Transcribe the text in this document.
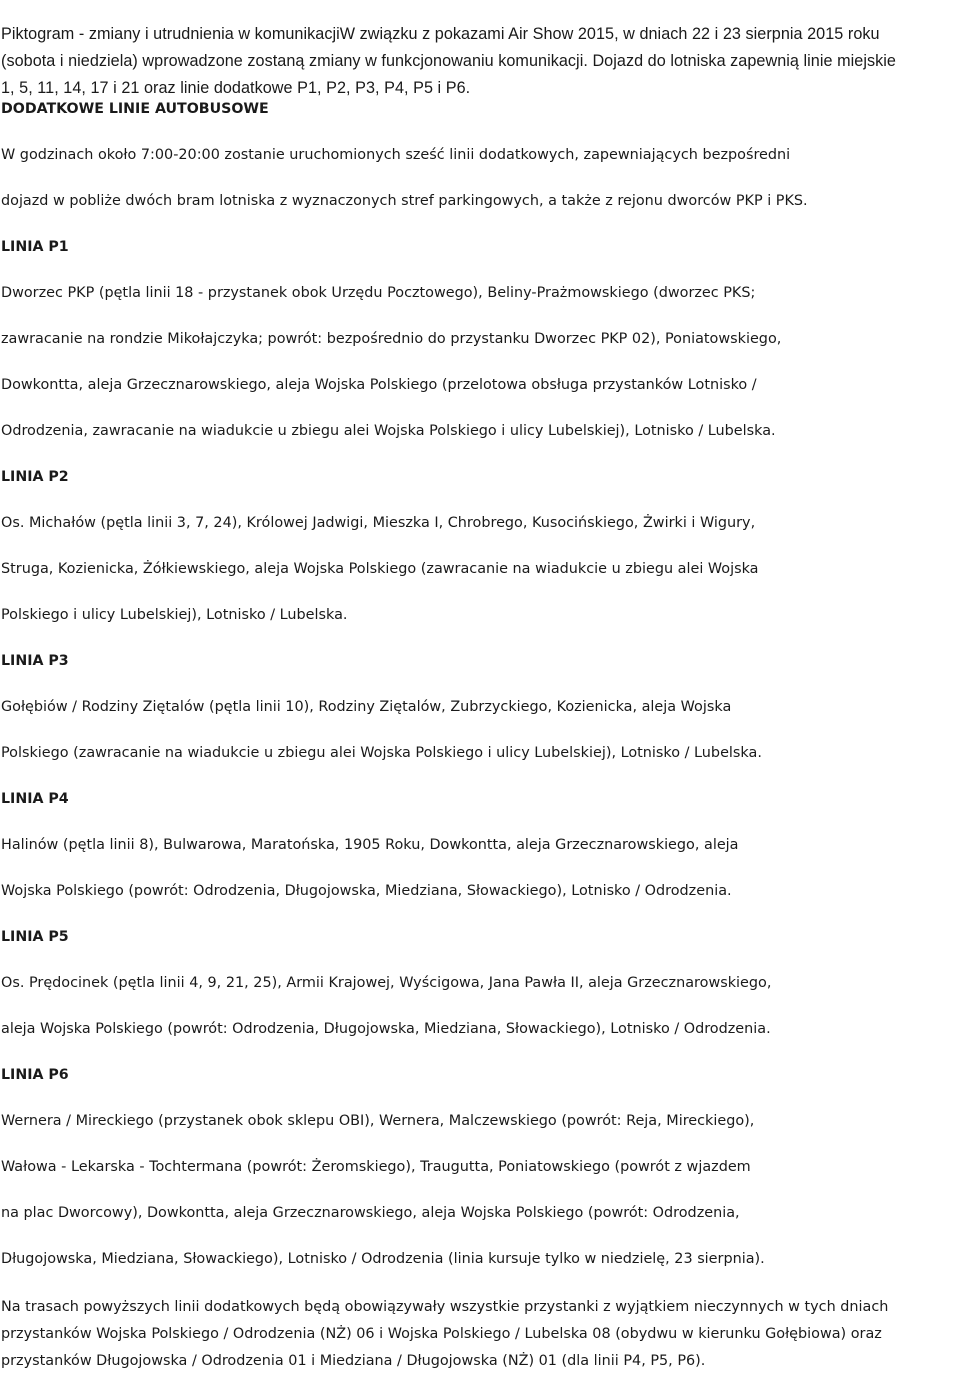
Piktogram - zmiany i utrudnienia w komunikacjiW związku z pokazami Air Show 2015, w dniach 22 i 23 sierpnia 2015 roku
(sobota i niedziela) wprowadzone zostaną zmiany w funkcjonowaniu komunikacji. Dojazd do lotniska zapewnią linie miejskie
1, 5, 11, 14, 17 i 21 oraz linie dodatkowe P1, P2, P3, P4, P5 i P6.
DODATKOWE LINIE AUTOBUSOWE

W godzinach około 7:00-20:00 zostanie uruchomionych sześć linii dodatkowych, zapewniających bezpośredni

dojazd w pobliże dwóch bram lotniska z wyznaczonych stref parkingowych, a także z rejonu dworców PKP i PKS.

LINIA P1

Dworzec PKP (pętla linii 18 - przystanek obok Urzędu Pocztowego), Beliny-Prażmowskiego (dworzec PKS;

zawracanie na rondzie Mikołajczyka; powrót: bezpośrednio do przystanku Dworzec PKP 02), Poniatowskiego,

Dowkontta, aleja Grzecznarowskiego, aleja Wojska Polskiego (przelotowa obsługa przystanków Lotnisko /

Odrodzenia, zawracanie na wiadukcie u zbiegu alei Wojska Polskiego i ulicy Lubelskiej), Lotnisko / Lubelska.

LINIA P2

Os. Michałów (pętla linii 3, 7, 24), Królowej Jadwigi, Mieszka I, Chrobrego, Kusocińskiego, Żwirki i Wigury,

Struga, Kozienicka, Żółkiewskiego, aleja Wojska Polskiego (zawracanie na wiadukcie u zbiegu alei Wojska

Polskiego i ulicy Lubelskiej), Lotnisko / Lubelska.

LINIA P3

Gołębiów / Rodziny Ziętalów (pętla linii 10), Rodziny Ziętalów, Zubrzyckiego, Kozienicka, aleja Wojska

Polskiego (zawracanie na wiadukcie u zbiegu alei Wojska Polskiego i ulicy Lubelskiej), Lotnisko / Lubelska.

LINIA P4

Halinów (pętla linii 8), Bulwarowa, Maratońska, 1905 Roku, Dowkontta, aleja Grzecznarowskiego, aleja

Wojska Polskiego (powrót: Odrodzenia, Długojowska, Miedziana, Słowackiego), Lotnisko / Odrodzenia.

LINIA P5

Os. Prędocinek (pętla linii 4, 9, 21, 25), Armii Krajowej, Wyścigowa, Jana Pawła II, aleja Grzecznarowskiego,

aleja Wojska Polskiego (powrót: Odrodzenia, Długojowska, Miedziana, Słowackiego), Lotnisko / Odrodzenia.

LINIA P6

Wernera / Mireckiego (przystanek obok sklepu OBI), Wernera, Malczewskiego (powrót: Reja, Mireckiego),

Wałowa - Lekarska - Tochtermana (powrót: Żeromskiego), Traugutta, Poniatowskiego (powrót z wjazdem

na plac Dworcowy), Dowkontta, aleja Grzecznarowskiego, aleja Wojska Polskiego (powrót: Odrodzenia,

Długojowska, Miedziana, Słowackiego), Lotnisko / Odrodzenia (linia kursuje tylko w niedzielę, 23 sierpnia).

Na trasach powyższych linii dodatkowych będą obowiązywały wszystkie przystanki z wyjątkiem nieczynnych w tych dniach
przystanków Wojska Polskiego / Odrodzenia (NŻ) 06 i Wojska Polskiego / Lubelska 08 (obydwu w kierunku Gołębiowa) oraz
przystanków Długojowska / Odrodzenia 01 i Miedziana / Długojowska (NŻ) 01 (dla linii P4, P5, P6).
